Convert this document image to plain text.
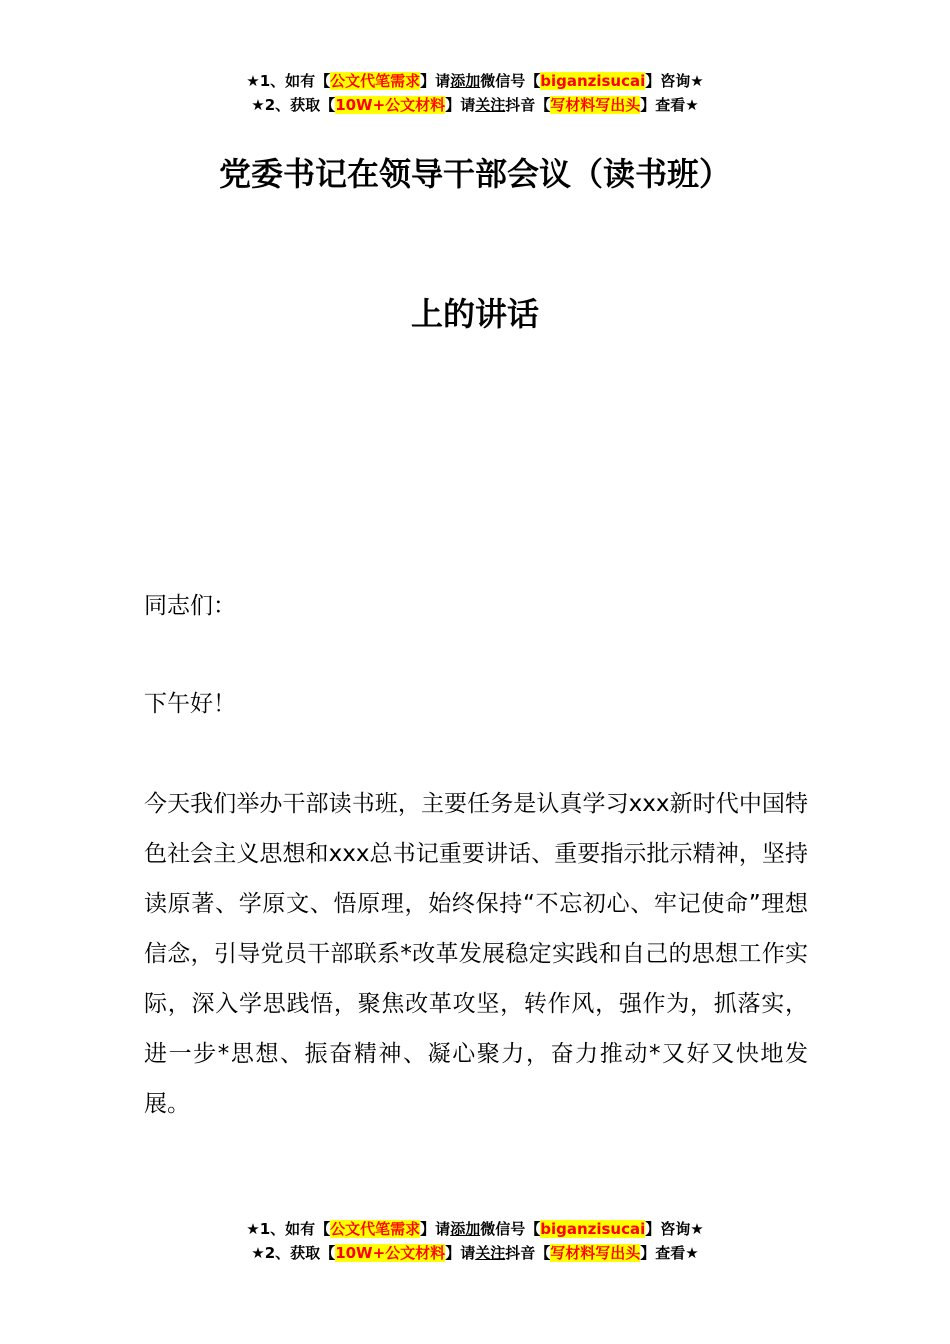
★1、如有【公文代笔需求】请添加微信号【biganzisucai】咨询★
★2、获取【10W+公文材料】请关注抖音【写材料写出头】查看★
党委书记在领导干部会议（读书班）
上的讲话

同志们：

下午好！

今天我们举办干部读书班，主要任务是认真学习xxx新时代中国特色社会主义思想和xxx总书记重要讲话、重要指示批示精神，坚持读原著、学原文、悟原理，始终保持“不忘初心、牢记使命”理想信念，引导党员干部联系*改革发展稳定实践和自己的思想工作实际，深入学思践悟，聚焦改革攻坚，转作风，强作为，抓落实，进一步*思想、振奋精神、凝心聚力，奋力推动*又好又快地发展。

★1、如有【公文代笔需求】请添加微信号【biganzisucai】咨询★
★2、获取【10W+公文材料】请关注抖音【写材料写出头】查看★
